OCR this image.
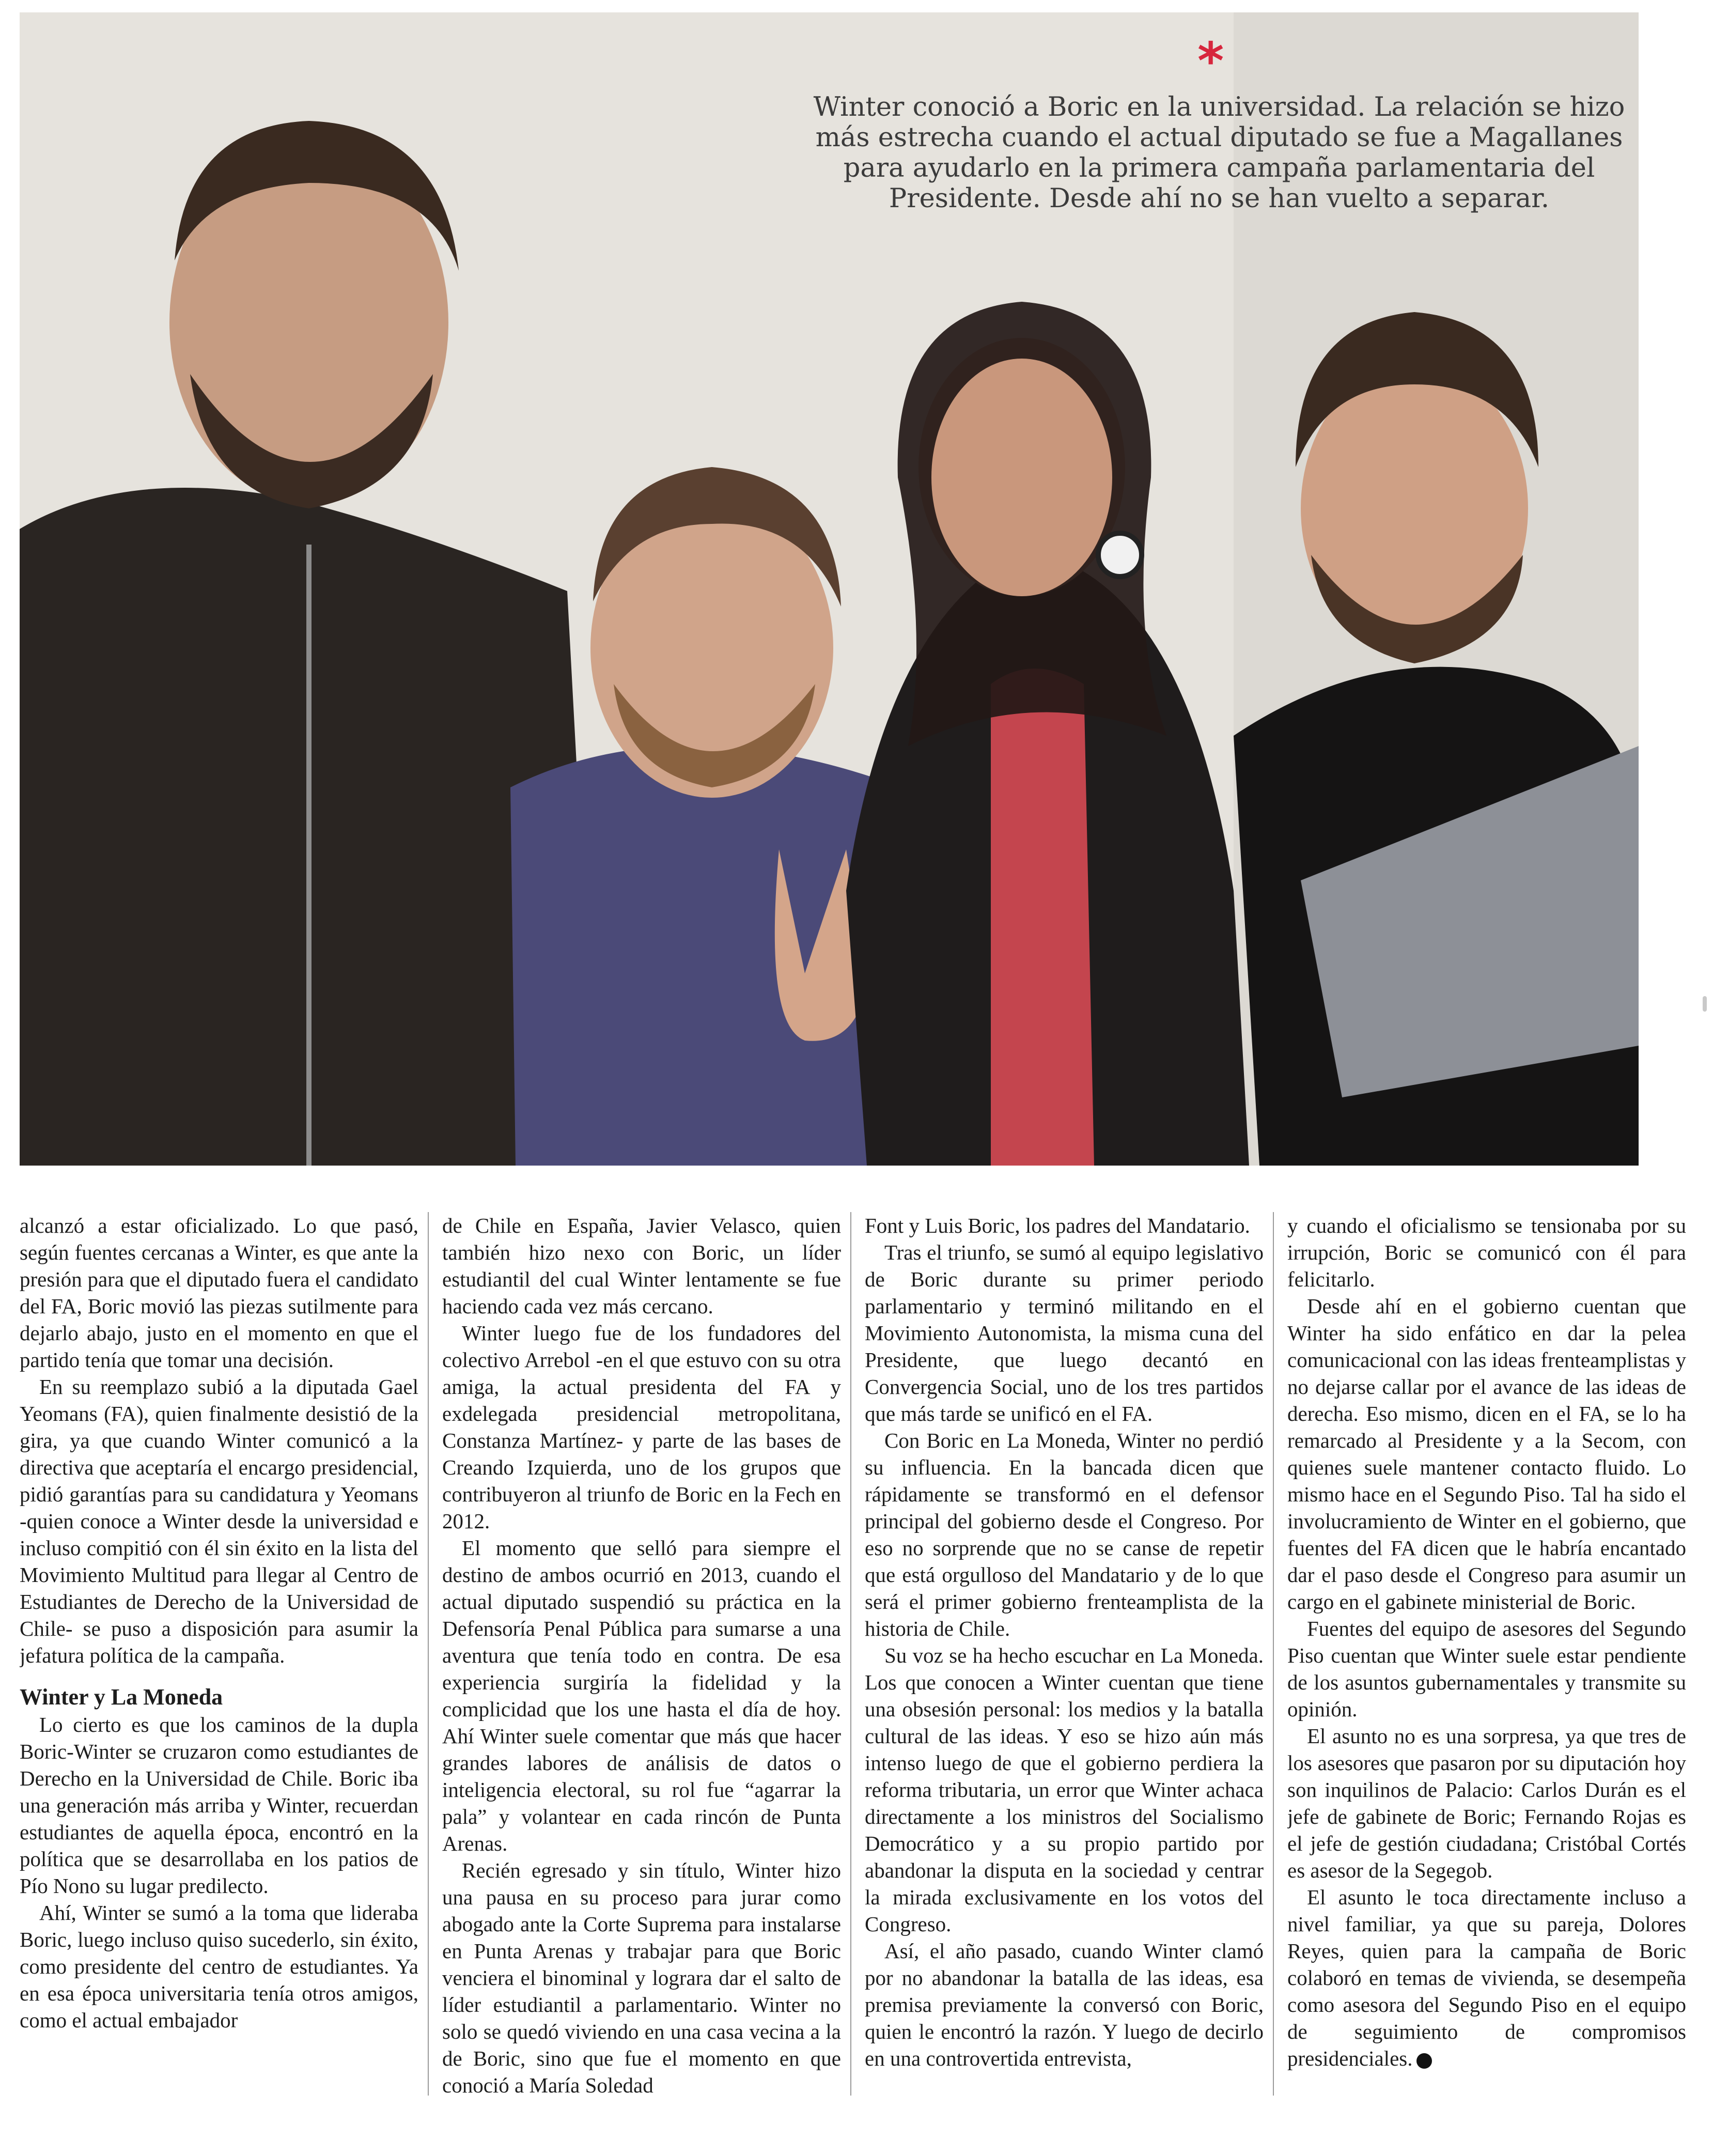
*
Winter conoció a Boric en la universidad. La relación se hizo más estrecha cuando el actual diputado se fue a Magallanes para ayudarlo en la primera campaña parlamentaria del Presidente. Desde ahí no se han vuelto a separar.

alcanzó a estar oficializado. Lo que pasó, según fuentes cercanas a Winter, es que ante la presión para que el diputado fuera el candidato del FA, Boric movió las piezas sutilmente para dejarlo abajo, justo en el momento en que el partido tenía que tomar una decisión.

En su reemplazo subió a la diputada Gael Yeomans (FA), quien finalmente desistió de la gira, ya que cuando Winter comunicó a la directiva que aceptaría el encargo presidencial, pidió garantías para su candidatura y Yeomans -quien conoce a Winter desde la universidad e incluso compitió con él sin éxito en la lista del Movimiento Multitud para llegar al Centro de Estudiantes de Derecho de la Universidad de Chile- se puso a disposición para asumir la jefatura política de la campaña.

Winter y La Moneda

Lo cierto es que los caminos de la dupla Boric-Winter se cruzaron como estudiantes de Derecho en la Universidad de Chile. Boric iba una generación más arriba y Winter, recuerdan estudiantes de aquella época, encontró en la política que se desarrollaba en los patios de Pío Nono su lugar predilecto.

Ahí, Winter se sumó a la toma que lideraba Boric, luego incluso quiso sucederlo, sin éxito, como presidente del centro de estudiantes. Ya en esa época universitaria tenía otros amigos, como el actual embajador

de Chile en España, Javier Velasco, quien también hizo nexo con Boric, un líder estudiantil del cual Winter lentamente se fue haciendo cada vez más cercano.

Winter luego fue de los fundadores del colectivo Arrebol -en el que estuvo con su otra amiga, la actual presidenta del FA y exdelegada presidencial metropolitana, Constanza Martínez- y parte de las bases de Creando Izquierda, uno de los grupos que contribuyeron al triunfo de Boric en la Fech en 2012.

El momento que selló para siempre el destino de ambos ocurrió en 2013, cuando el actual diputado suspendió su práctica en la Defensoría Penal Pública para sumarse a una aventura que tenía todo en contra. De esa experiencia surgiría la fidelidad y la complicidad que los une hasta el día de hoy. Ahí Winter suele comentar que más que hacer grandes labores de análisis de datos o inteligencia electoral, su rol fue “agarrar la pala” y volantear en cada rincón de Punta Arenas.

Recién egresado y sin título, Winter hizo una pausa en su proceso para jurar como abogado ante la Corte Suprema para instalarse en Punta Arenas y trabajar para que Boric venciera el binominal y lograra dar el salto de líder estudiantil a parlamentario. Winter no solo se quedó viviendo en una casa vecina a la de Boric, sino que fue el momento en que conoció a María Soledad

Font y Luis Boric, los padres del Mandatario.

Tras el triunfo, se sumó al equipo legislativo de Boric durante su primer periodo parlamentario y terminó militando en el Movimiento Autonomista, la misma cuna del Presidente, que luego decantó en Convergencia Social, uno de los tres partidos que más tarde se unificó en el FA.

Con Boric en La Moneda, Winter no perdió su influencia. En la bancada dicen que rápidamente se transformó en el defensor principal del gobierno desde el Congreso. Por eso no sorprende que no se canse de repetir que está orgulloso del Mandatario y de lo que será el primer gobierno frenteamplista de la historia de Chile.

Su voz se ha hecho escuchar en La Moneda. Los que conocen a Winter cuentan que tiene una obsesión personal: los medios y la batalla cultural de las ideas. Y eso se hizo aún más intenso luego de que el gobierno perdiera la reforma tributaria, un error que Winter achaca directamente a los ministros del Socialismo Democrático y a su propio partido por abandonar la disputa en la sociedad y centrar la mirada exclusivamente en los votos del Congreso.

Así, el año pasado, cuando Winter clamó por no abandonar la batalla de las ideas, esa premisa previamente la conversó con Boric, quien le encontró la razón. Y luego de decirlo en una controvertida entrevista,

y cuando el oficialismo se tensionaba por su irrupción, Boric se comunicó con él para felicitarlo.

Desde ahí en el gobierno cuentan que Winter ha sido enfático en dar la pelea comunicacional con las ideas frenteamplistas y no dejarse callar por el avance de las ideas de derecha. Eso mismo, dicen en el FA, se lo ha remarcado al Presidente y a la Secom, con quienes suele mantener contacto fluido. Lo mismo hace en el Segundo Piso. Tal ha sido el involucramiento de Winter en el gobierno, que fuentes del FA dicen que le habría encantado dar el paso desde el Congreso para asumir un cargo en el gabinete ministerial de Boric.

Fuentes del equipo de asesores del Segundo Piso cuentan que Winter suele estar pendiente de los asuntos gubernamentales y transmite su opinión.

El asunto no es una sorpresa, ya que tres de los asesores que pasaron por su diputación hoy son inquilinos de Palacio: Carlos Durán es el jefe de gabinete de Boric; Fernando Rojas es el jefe de gestión ciudadana; Cristóbal Cortés es asesor de la Segegob.

El asunto le toca directamente incluso a nivel familiar, ya que su pareja, Dolores Reyes, quien para la campaña de Boric colaboró en temas de vivienda, se desempeña como asesora del Segundo Piso en el equipo de seguimiento de compromisos presidenciales.
